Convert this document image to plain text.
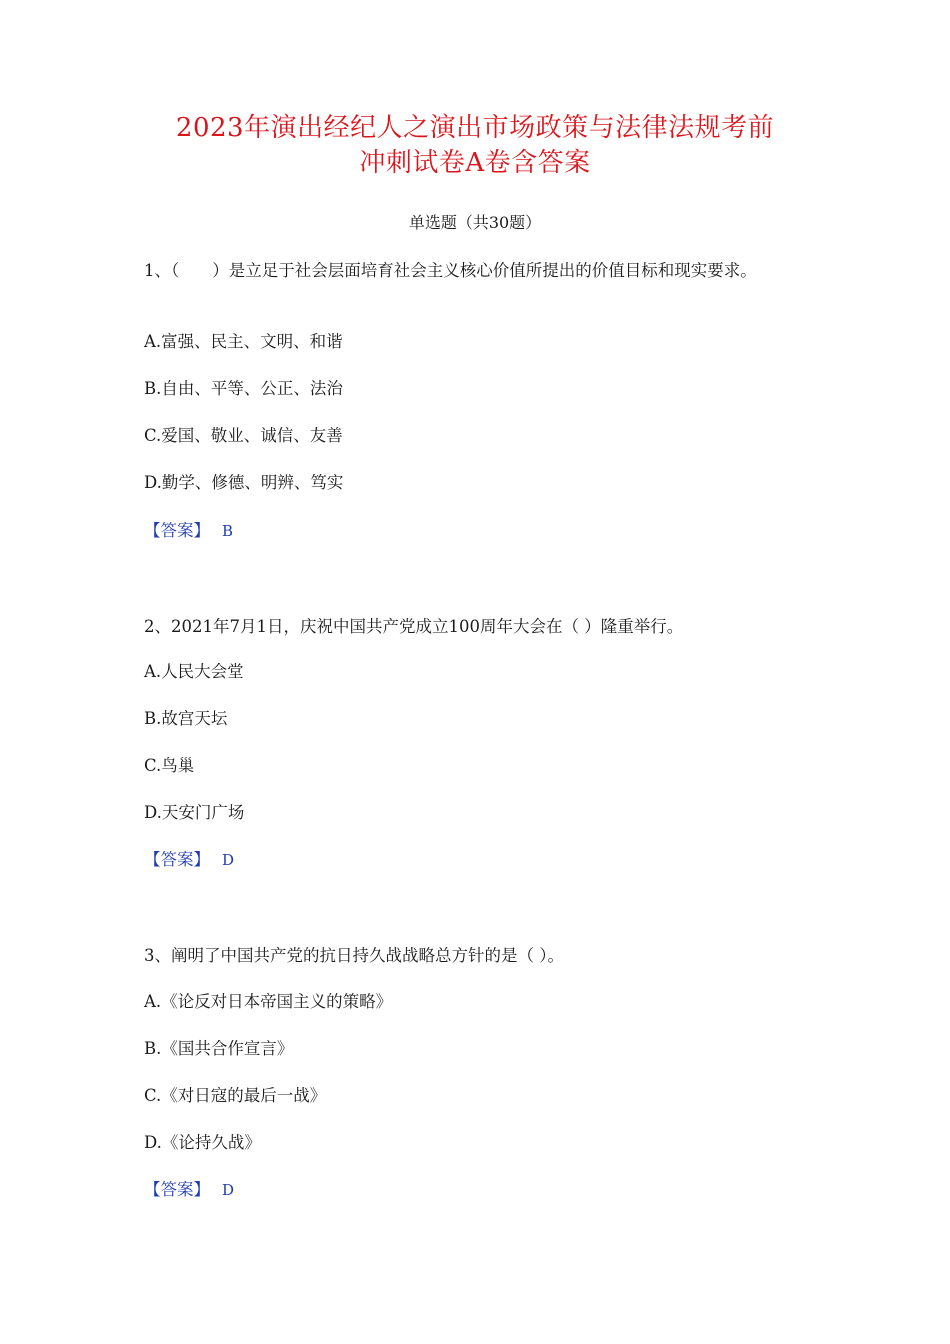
2023年演出经纪人之演出市场政策与法律法规考前
冲刺试卷A卷含答案
单选题（共30题）
1、（　　）是立足于社会层面培育社会主义核心价值所提出的价值目标和现实要求。
A.富强、民主、文明、和谐
B.自由、平等、公正、法治
C.爱国、敬业、诚信、友善
D.勤学、修德、明辨、笃实
【答案】 B
2、2021年7月1日，庆祝中国共产党成立100周年大会在（ ）隆重举行。
A.人民大会堂
B.故宫天坛
C.鸟巢
D.天安门广场
【答案】 D
3、阐明了中国共产党的抗日持久战战略总方针的是（ ）。
A.《论反对日本帝国主义的策略》
B.《国共合作宣言》
C.《对日寇的最后一战》
D.《论持久战》
【答案】 D
